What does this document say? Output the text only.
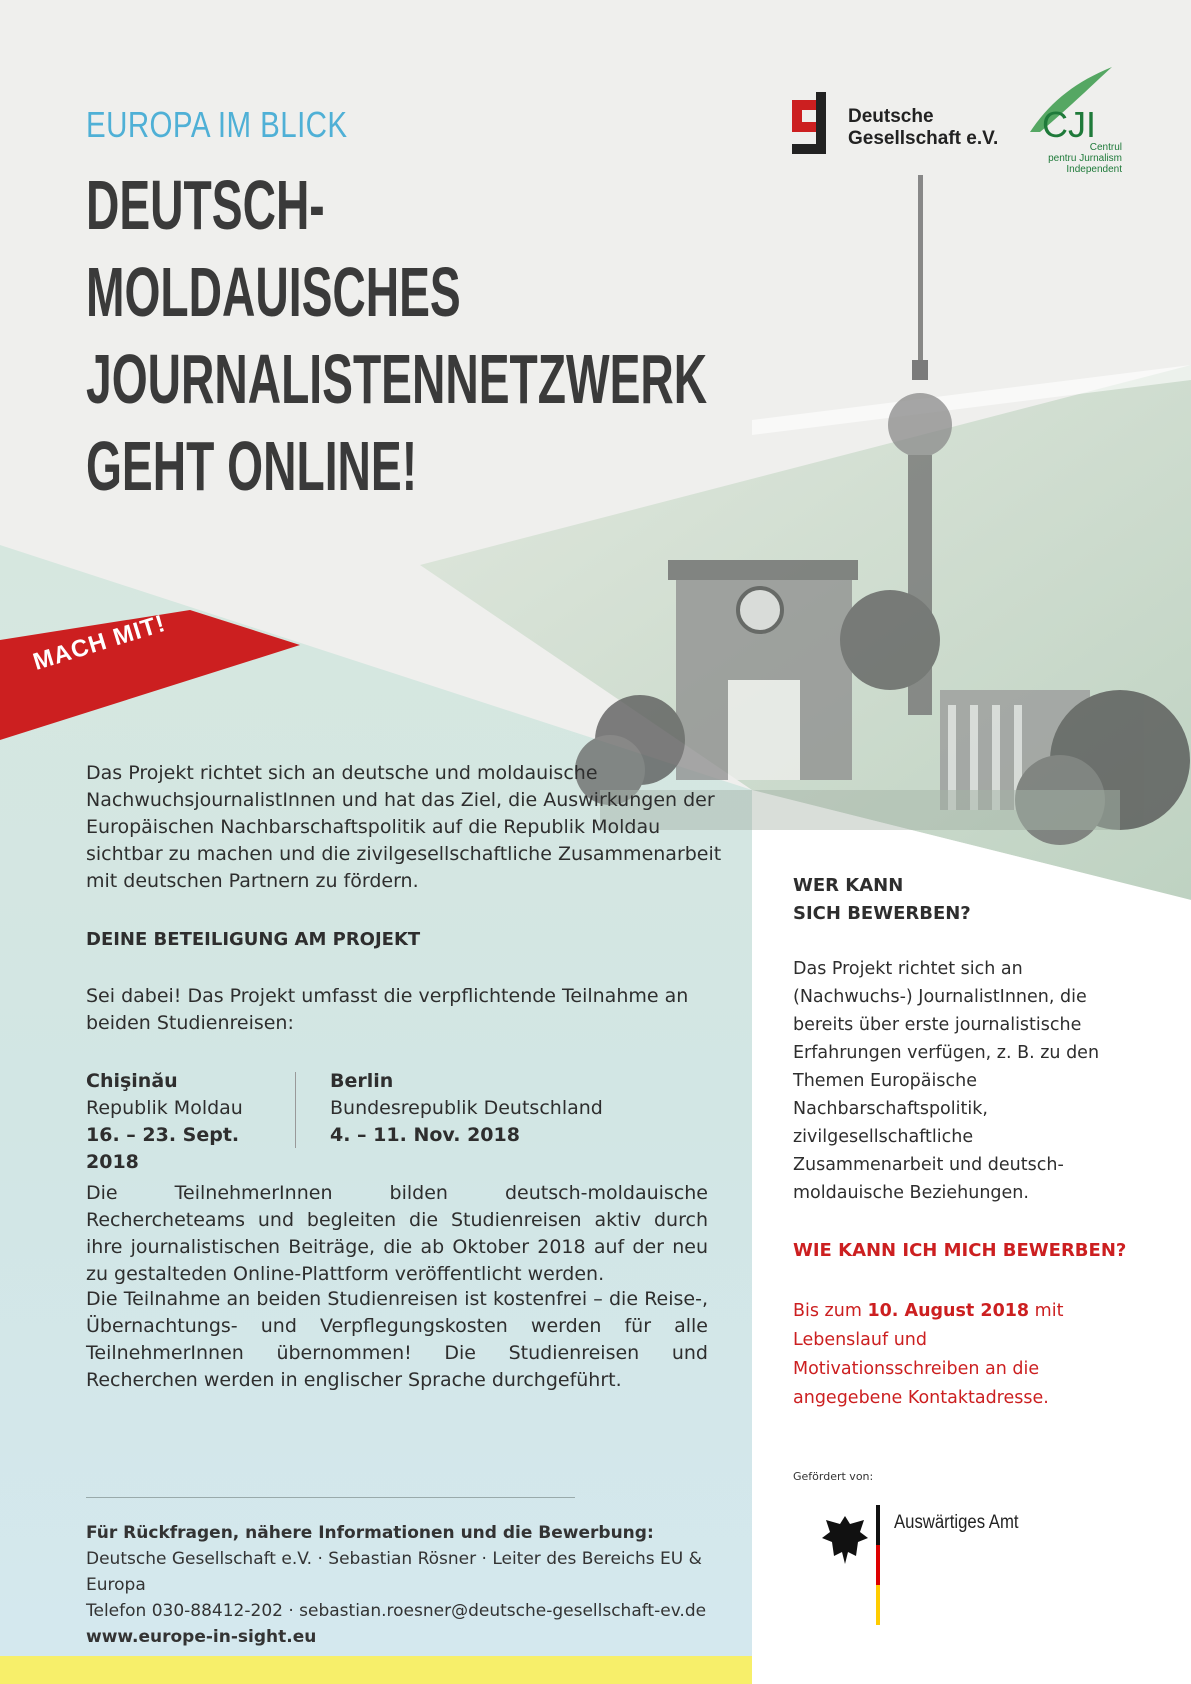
EUROPA IM BLICK
DEUTSCH-
MOLDAUISCHES
JOURNALISTENNETZWERK
GEHT ONLINE!
Deutsche
Gesellschaft e.V. CJI
Centrul
pentru Jurnalism
Independent
MACH MIT!
Das Projekt richtet sich an deutsche und moldauische NachwuchsjournalistInnen und hat das Ziel, die Auswirkungen der Europäischen Nachbarschaftspolitik auf die Republik Moldau sichtbar zu machen und die zivilgesellschaftliche Zusammenarbeit mit deutschen Partnern zu fördern.
DEINE BETEILIGUNG AM PROJEKT
Sei dabei! Das Projekt umfasst die verpflichtende Teilnahme an beiden Studienreisen:
Chişinău
Republik Moldau
16. – 23. Sept. 2018
Berlin
Bundesrepublik Deutschland
4. – 11. Nov. 2018
Die TeilnehmerInnen bilden deutsch-moldauische Rechercheteams und begleiten die Studienreisen aktiv durch ihre journalistischen Beiträge, die ab Oktober 2018 auf der neu zu gestalteden Online-Plattform veröffentlicht werden.
Die Teilnahme an beiden Studienreisen ist kostenfrei – die Reise-, Übernachtungs- und Verpflegungskosten werden für alle TeilnehmerInnen übernommen! Die Studienreisen und Recherchen werden in englischer Sprache durchgeführt.
Für Rückfragen, nähere Informationen und die Bewerbung:
Deutsche Gesellschaft e.V. · Sebastian Rösner · Leiter des Bereichs EU & Europa
Telefon 030-88412-202 · sebastian.roesner@deutsche-gesellschaft-ev.de
www.europe-in-sight.eu
WER KANN
SICH BEWERBEN?
Das Projekt richtet sich an (Nachwuchs-) JournalistInnen, die bereits über erste journalistische Erfahrungen verfügen, z. B. zu den Themen Europäische Nachbarschaftspolitik, zivilgesellschaftliche Zusammenarbeit und deutsch-moldauische Beziehungen.
WIE KANN ICH MICH BEWERBEN?
Bis zum 10. August 2018 mit Lebenslauf und Motivationsschreiben an die angegebene Kontaktadresse.
Gefördert von:
Auswärtiges Amt
